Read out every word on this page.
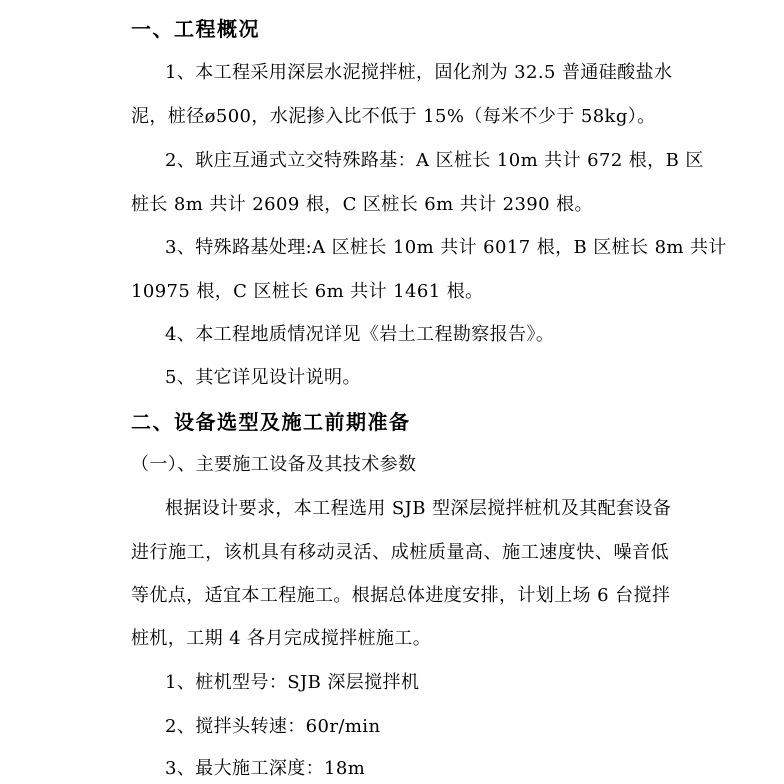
一、工程概况
1、本工程采用深层水泥搅拌桩，固化剂为 32.5 普通硅酸盐水
泥，桩径ø500，水泥掺入比不低于 15%（每米不少于 58kg）。
2、耿庄互通式立交特殊路基：A 区桩长 10m 共计 672 根，B 区
桩长 8m 共计 2609 根，C 区桩长 6m 共计 2390 根。
3、特殊路基处理:A 区桩长 10m 共计 6017 根，B 区桩长 8m 共计
10975 根，C 区桩长 6m 共计 1461 根。
4、本工程地质情况详见《岩土工程勘察报告》。
5、其它详见设计说明。
二、设备选型及施工前期准备
（一）、主要施工设备及其技术参数
根据设计要求，本工程选用 SJB 型深层搅拌桩机及其配套设备
进行施工，该机具有移动灵活、成桩质量高、施工速度快、噪音低
等优点，适宜本工程施工。根据总体进度安排，计划上场 6 台搅拌
桩机，工期 4 各月完成搅拌桩施工。
1、桩机型号：SJB 深层搅拌机
2、搅拌头转速：60r/min
3、最大施工深度：18m
